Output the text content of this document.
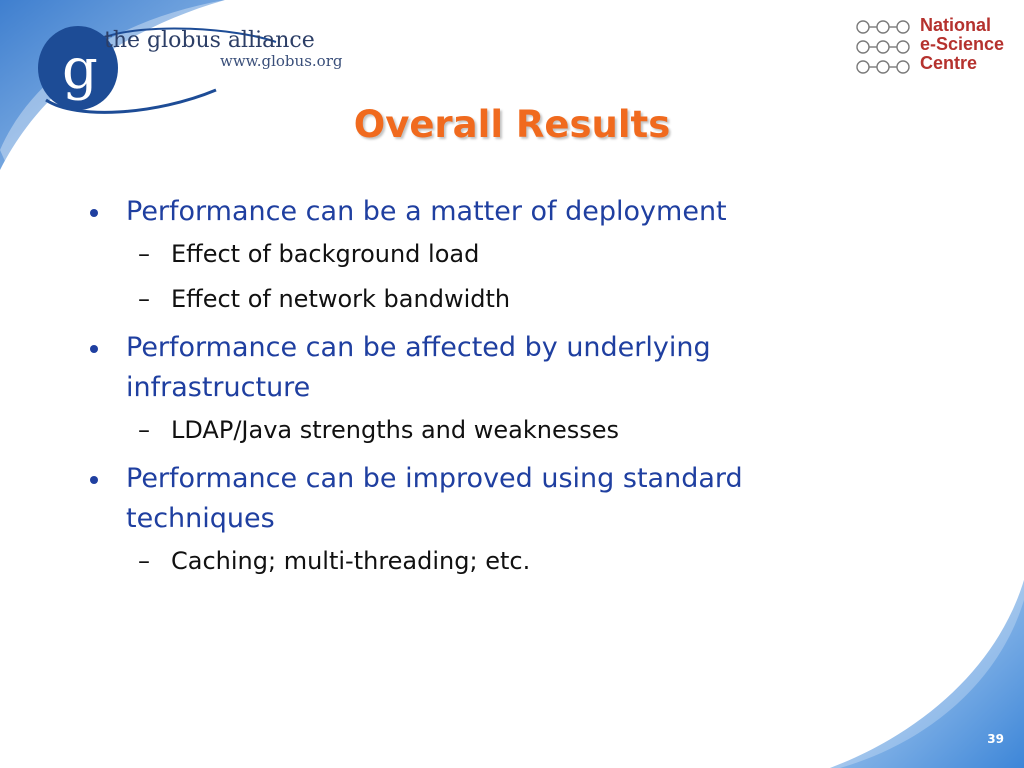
g the globus alliance
www.globus.org
National
e-Science
Centre
Overall Results
Performance can be a matter of deployment
– Effect of background load
– Effect of network bandwidth
Performance can be affected by underlying infrastructure
– LDAP/Java strengths and weaknesses
Performance can be improved using standard techniques
– Caching; multi-threading; etc.
39
